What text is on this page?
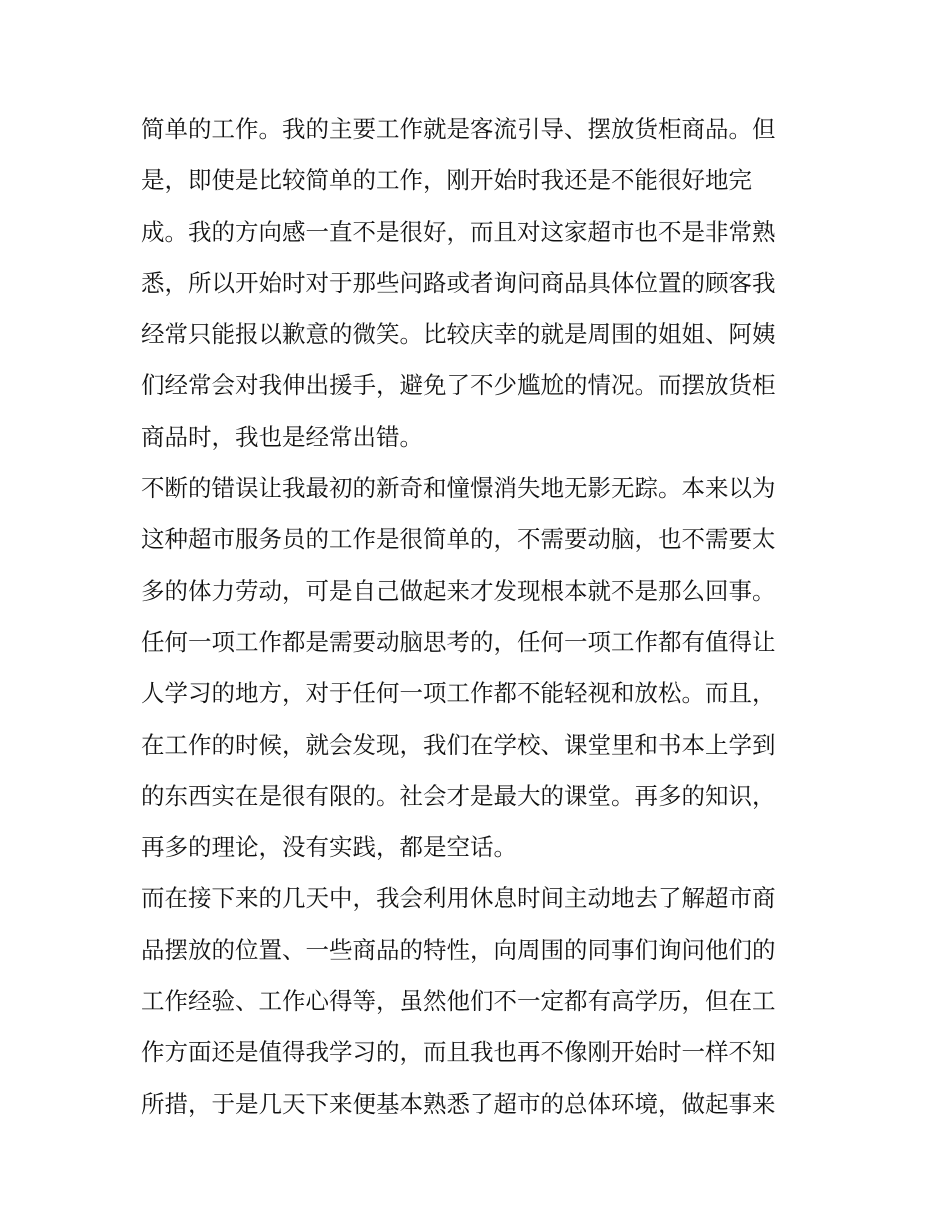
简单的工作。我的主要工作就是客流引导、摆放货柜商品。但
是，即使是比较简单的工作，刚开始时我还是不能很好地完
成。我的方向感一直不是很好，而且对这家超市也不是非常熟
悉，所以开始时对于那些问路或者询问商品具体位置的顾客我
经常只能报以歉意的微笑。比较庆幸的就是周围的姐姐、阿姨
们经常会对我伸出援手，避免了不少尴尬的情况。而摆放货柜
商品时，我也是经常出错。
不断的错误让我最初的新奇和憧憬消失地无影无踪。本来以为
这种超市服务员的工作是很简单的，不需要动脑，也不需要太
多的体力劳动，可是自己做起来才发现根本就不是那么回事。
任何一项工作都是需要动脑思考的，任何一项工作都有值得让
人学习的地方，对于任何一项工作都不能轻视和放松。而且，
在工作的时候，就会发现，我们在学校、课堂里和书本上学到
的东西实在是很有限的。社会才是最大的课堂。再多的知识，
再多的理论，没有实践，都是空话。
而在接下来的几天中，我会利用休息时间主动地去了解超市商
品摆放的位置、一些商品的特性，向周围的同事们询问他们的
工作经验、工作心得等，虽然他们不一定都有高学历，但在工
作方面还是值得我学习的，而且我也再不像刚开始时一样不知
所措，于是几天下来便基本熟悉了超市的总体环境，做起事来
